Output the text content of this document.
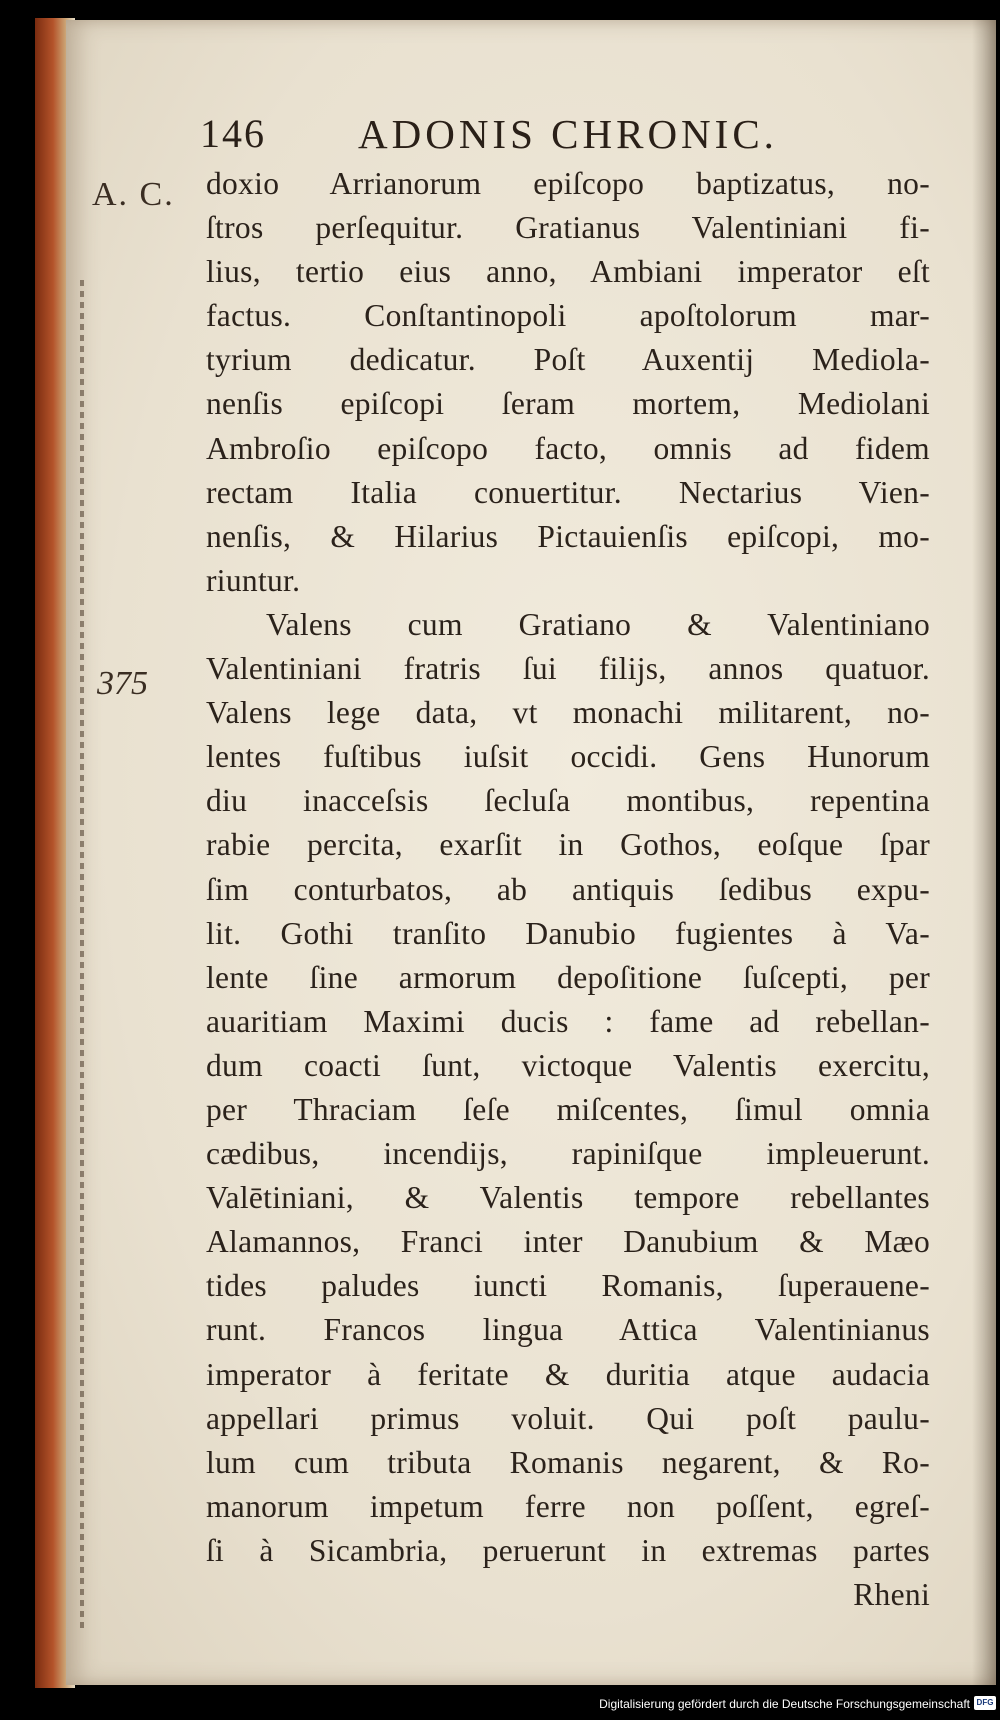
146 ADONIS CHRONIC.
A. C.
375
doxio Arrianorum epiſcopo baptizatus, no-
ſtros perſequitur. Gratianus Valentiniani fi-
lius, tertio eius anno, Ambiani imperator eſt
factus. Conſtantinopoli apoſtolorum mar-
tyrium dedicatur. Poſt Auxentij Mediola-
nenſis epiſcopi ſeram mortem, Mediolani
Ambroſio epiſcopo facto, omnis ad fidem
rectam Italia conuertitur. Nectarius Vien-
nenſis, & Hilarius Pictauienſis epiſcopi, mo-
riuntur.
Valens cum Gratiano & Valentiniano
Valentiniani fratris ſui filijs, annos quatuor.
Valens lege data, vt monachi militarent, no-
lentes fuſtibus iuſsit occidi. Gens Hunorum
diu inacceſsis ſecluſa montibus, repentina
rabie percita, exarſit in Gothos, eoſque ſpar
ſim conturbatos, ab antiquis ſedibus expu-
lit. Gothi tranſito Danubio fugientes à Va-
lente ſine armorum depoſitione ſuſcepti, per
auaritiam Maximi ducis : fame ad rebellan-
dum coacti ſunt, victoque Valentis exercitu,
per Thraciam ſeſe miſcentes, ſimul omnia
cædibus, incendijs, rapiniſque impleuerunt.
Valētiniani, & Valentis tempore rebellantes
Alamannos, Franci inter Danubium & Mæo
tides paludes iuncti Romanis, ſuperauene-
runt. Francos lingua Attica Valentinianus
imperator à feritate & duritia atque audacia
appellari primus voluit. Qui poſt paulu-
lum cum tributa Romanis negarent, & Ro-
manorum impetum ferre non poſſent, egreſ-
ſi à Sicambria, peruerunt in extremas partes
Rheni
Digitalisierung gefördert durch die Deutsche Forschungsgemeinschaft DFG
